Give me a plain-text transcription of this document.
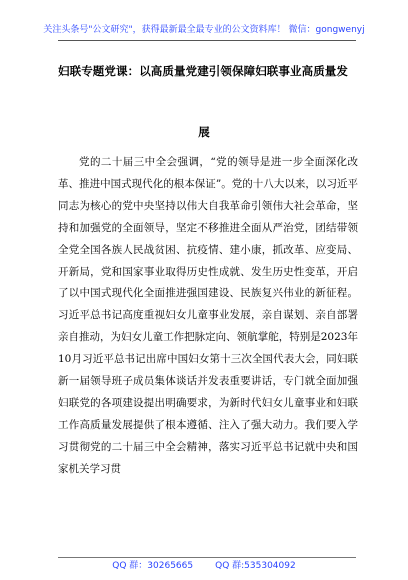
关注头条号"公文研究"，获得最新最全最专业的公文资料库！ 微信：gongwenyj
妇联专题党课：以高质量党建引领保障妇联事业高质量发
展

党的二十届三中全会强调，“党的领导是进一步全面深化改革、推进中国式现代化的根本保证”。党的十八大以来，以习近平同志为核心的党中央坚持以伟大自我革命引领伟大社会革命，坚持和加强党的全面领导，坚定不移推进全面从严治党，团结带领全党全国各族人民战贫困、抗疫情、建小康，抓改革、应变局、开新局，党和国家事业取得历史性成就、发生历史性变革，开启了以中国式现代化全面推进强国建设、民族复兴伟业的新征程。习近平总书记高度重视妇女儿童事业发展，亲自谋划、亲自部署亲自推动，为妇女儿童工作把脉定向、领航掌舵，特别是2023年10月习近平总书记出席中国妇女第十三次全国代表大会，同妇联新一届领导班子成员集体谈话并发表重要讲话，专门就全面加强妇联党的各项建设提出明确要求，为新时代妇女儿童事业和妇联工作高质量发展提供了根本遵循、注入了强大动力。我们要入学习贯彻党的二十届三中全会精神，落实习近平总书记就中央和国家机关学习贯

QQ 群：30265665 QQ 群:535304092
